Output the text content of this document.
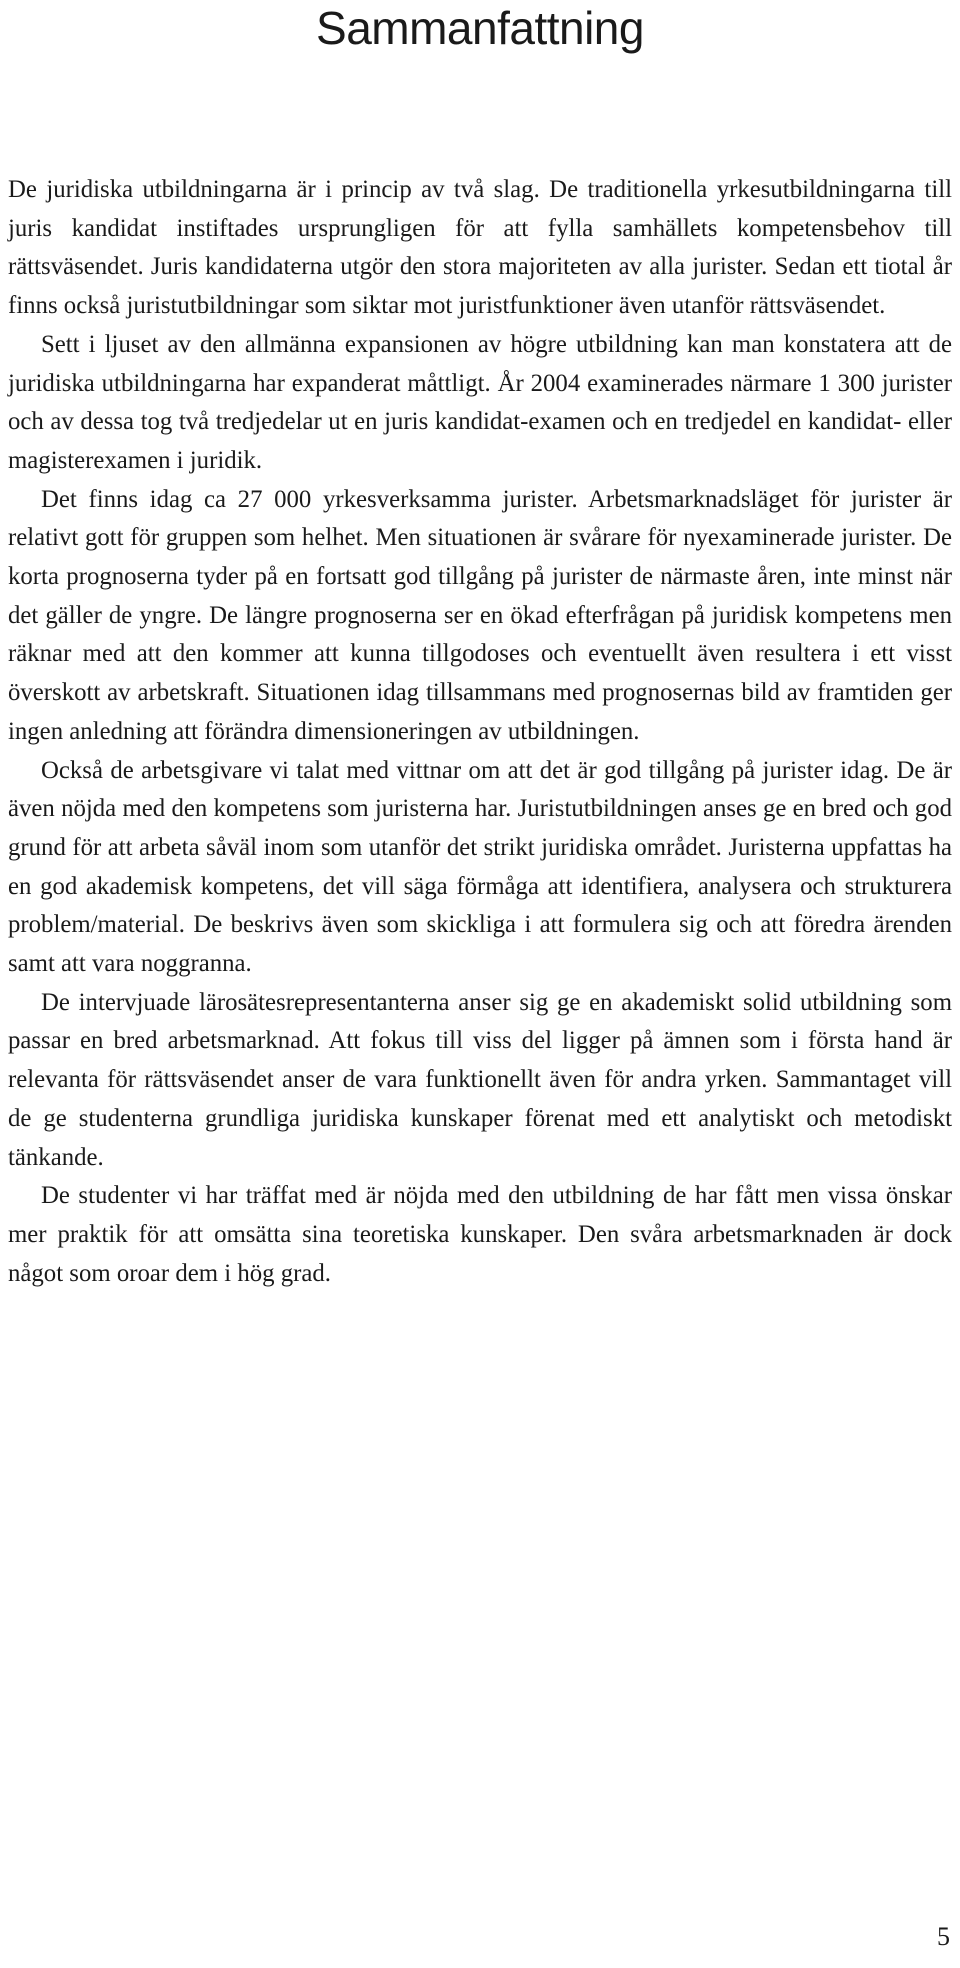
Sammanfattning

De juridiska utbildningarna är i princip av två slag. De traditionella yrkesutbildningarna till juris kandidat instiftades ursprungligen för att fylla samhällets kompetensbehov till rättsväsendet. Juris kandidaterna utgör den stora majoriteten av alla jurister. Sedan ett tiotal år finns också juristutbildningar som siktar mot juristfunktioner även utanför rättsväsendet.

Sett i ljuset av den allmänna expansionen av högre utbildning kan man konstatera att de juridiska utbildningarna har expanderat måttligt. År 2004 examinerades närmare 1 300 jurister och av dessa tog två tredjedelar ut en juris kandidat-examen och en tredjedel en kandidat- eller magisterexamen i juridik.

Det finns idag ca 27 000 yrkesverksamma jurister. Arbetsmarknadsläget för jurister är relativt gott för gruppen som helhet. Men situationen är svårare för nyexaminerade jurister. De korta prognoserna tyder på en fortsatt god tillgång på jurister de närmaste åren, inte minst när det gäller de yngre. De längre prognoserna ser en ökad efterfrågan på juridisk kompetens men räknar med att den kommer att kunna tillgodoses och eventuellt även resultera i ett visst överskott av arbetskraft. Situationen idag tillsammans med prognosernas bild av framtiden ger ingen anledning att förändra dimensioneringen av utbildningen.

Också de arbetsgivare vi talat med vittnar om att det är god tillgång på jurister idag. De är även nöjda med den kompetens som juristerna har. Juristutbildningen anses ge en bred och god grund för att arbeta såväl inom som utanför det strikt juridiska området. Juristerna uppfattas ha en god akademisk kompetens, det vill säga förmåga att identifiera, analysera och strukturera problem/material. De beskrivs även som skickliga i att formulera sig och att föredra ärenden samt att vara noggranna.

De intervjuade lärosätesrepresentanterna anser sig ge en akademiskt solid utbildning som passar en bred arbetsmarknad. Att fokus till viss del ligger på ämnen som i första hand är relevanta för rättsväsendet anser de vara funktionellt även för andra yrken. Sammantaget vill de ge studenterna grundliga juridiska kunskaper förenat med ett analytiskt och metodiskt tänkande.

De studenter vi har träffat med är nöjda med den utbildning de har fått men vissa önskar mer praktik för att omsätta sina teoretiska kunskaper. Den svåra arbetsmarknaden är dock något som oroar dem i hög grad.

5
